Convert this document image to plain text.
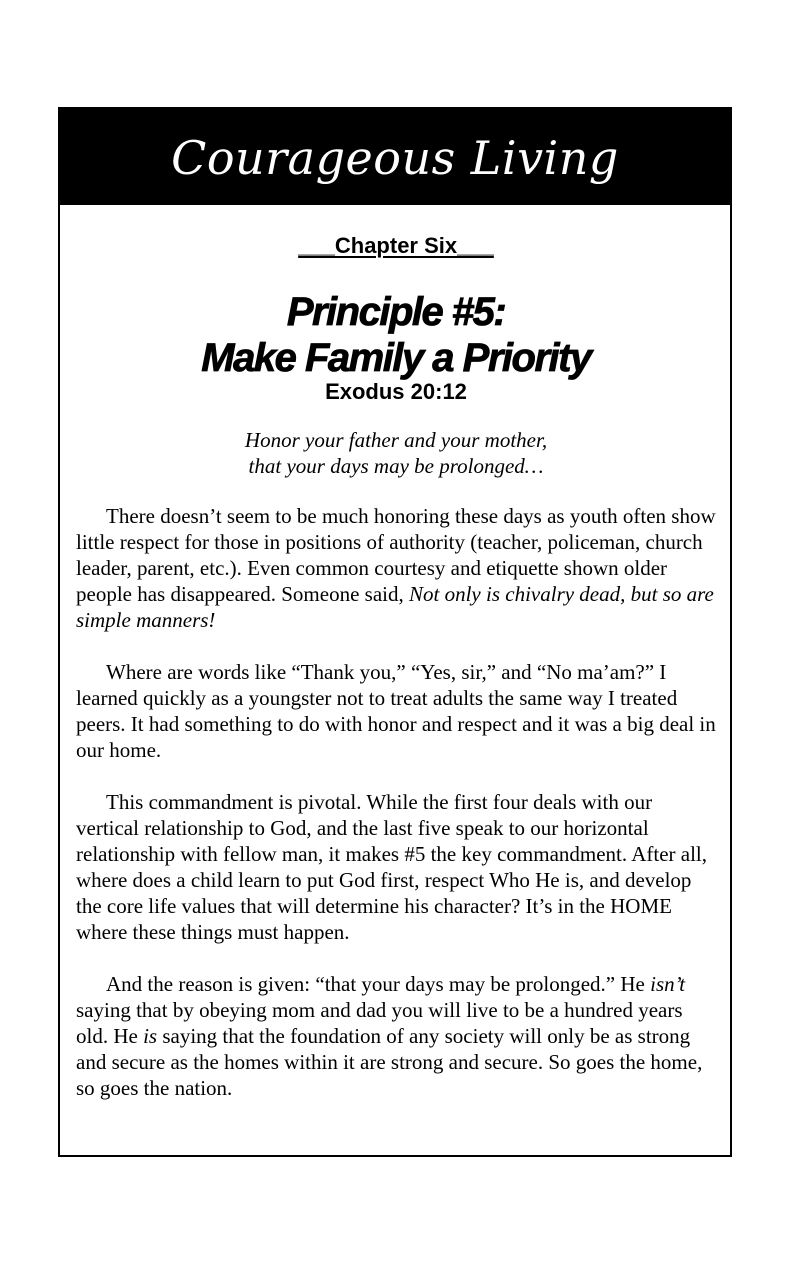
Courageous Living
___Chapter Six___
Principle #5:
Make Family a Priority
Exodus 20:12
Honor your father and your mother,
that your days may be prolonged…

There doesn’t seem to be much honoring these days as youth often show little respect for those in positions of authority (teacher, policeman, church leader, parent, etc.). Even common courtesy and etiquette shown older people has disappeared. Someone said, Not only is chivalry dead, but so are simple manners!

Where are words like “Thank you,” “Yes, sir,” and “No ma’am?” I learned quickly as a youngster not to treat adults the same way I treated peers. It had something to do with honor and respect and it was a big deal in our home.

This commandment is pivotal. While the first four deals with our vertical relationship to God, and the last five speak to our horizontal relationship with fellow man, it makes #5 the key commandment. After all, where does a child learn to put God first, respect Who He is, and develop the core life values that will determine his character? It’s in the HOME where these things must happen.

And the reason is given: “that your days may be prolonged.” He isn’t saying that by obeying mom and dad you will live to be a hundred years old. He is saying that the foundation of any society will only be as strong and secure as the homes within it are strong and secure. So goes the home, so goes the nation.
